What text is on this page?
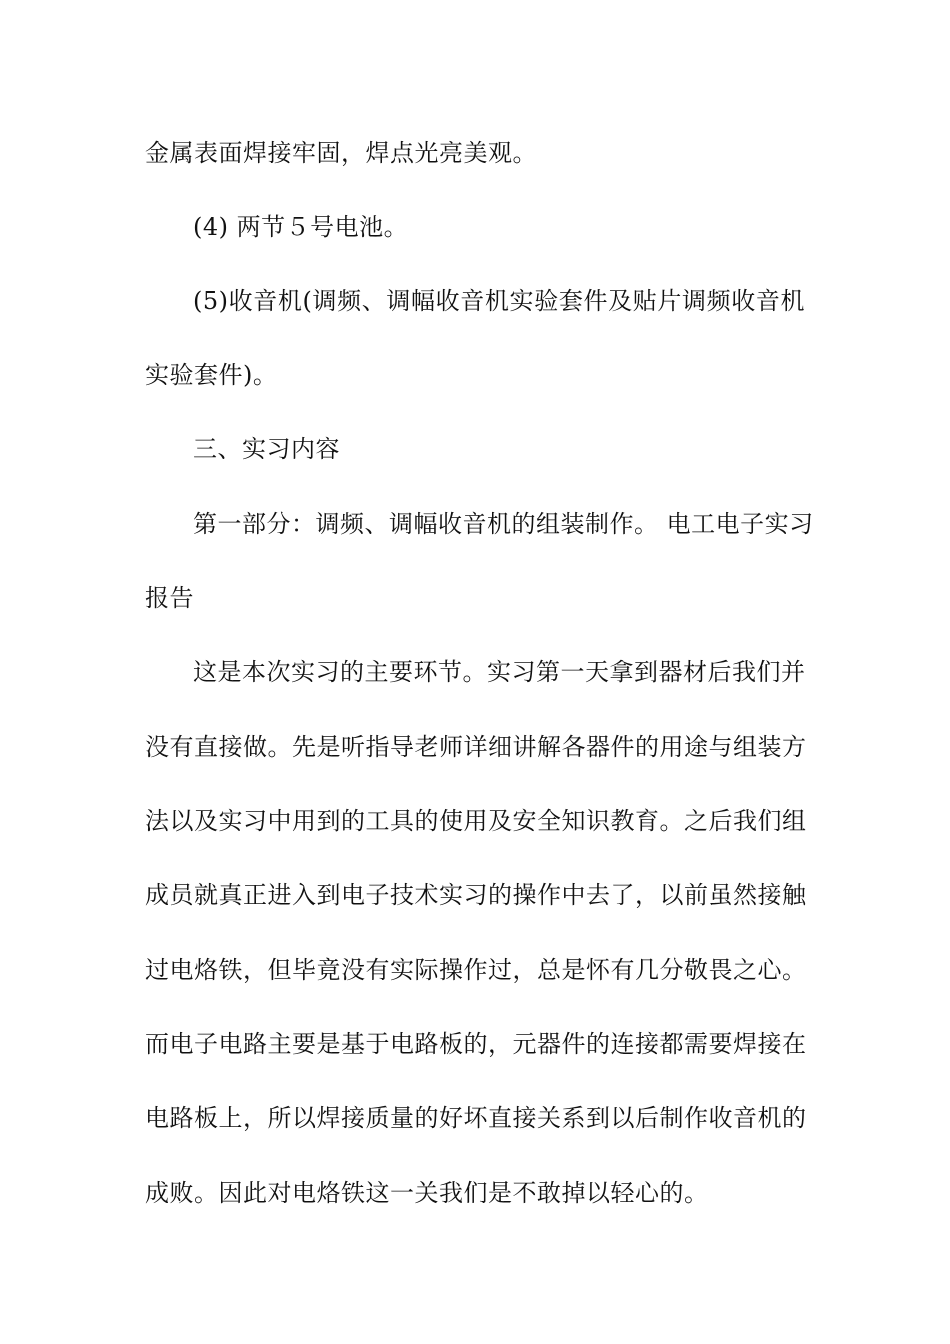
金属表面焊接牢固，焊点光亮美观。
(4) 两节５号电池。
(5)收音机(调频、调幅收音机实验套件及贴片调频收音机
实验套件)。
三、实习内容
第一部分：调频、调幅收音机的组装制作。 电工电子实习
报告
这是本次实习的主要环节。实习第一天拿到器材后我们并
没有直接做。先是听指导老师详细讲解各器件的用途与组装方
法以及实习中用到的工具的使用及安全知识教育。之后我们组
成员就真正进入到电子技术实习的操作中去了，以前虽然接触
过电烙铁，但毕竟没有实际操作过，总是怀有几分敬畏之心。
而电子电路主要是基于电路板的，元器件的连接都需要焊接在
电路板上，所以焊接质量的好坏直接关系到以后制作收音机的
成败。因此对电烙铁这一关我们是不敢掉以轻心的。
